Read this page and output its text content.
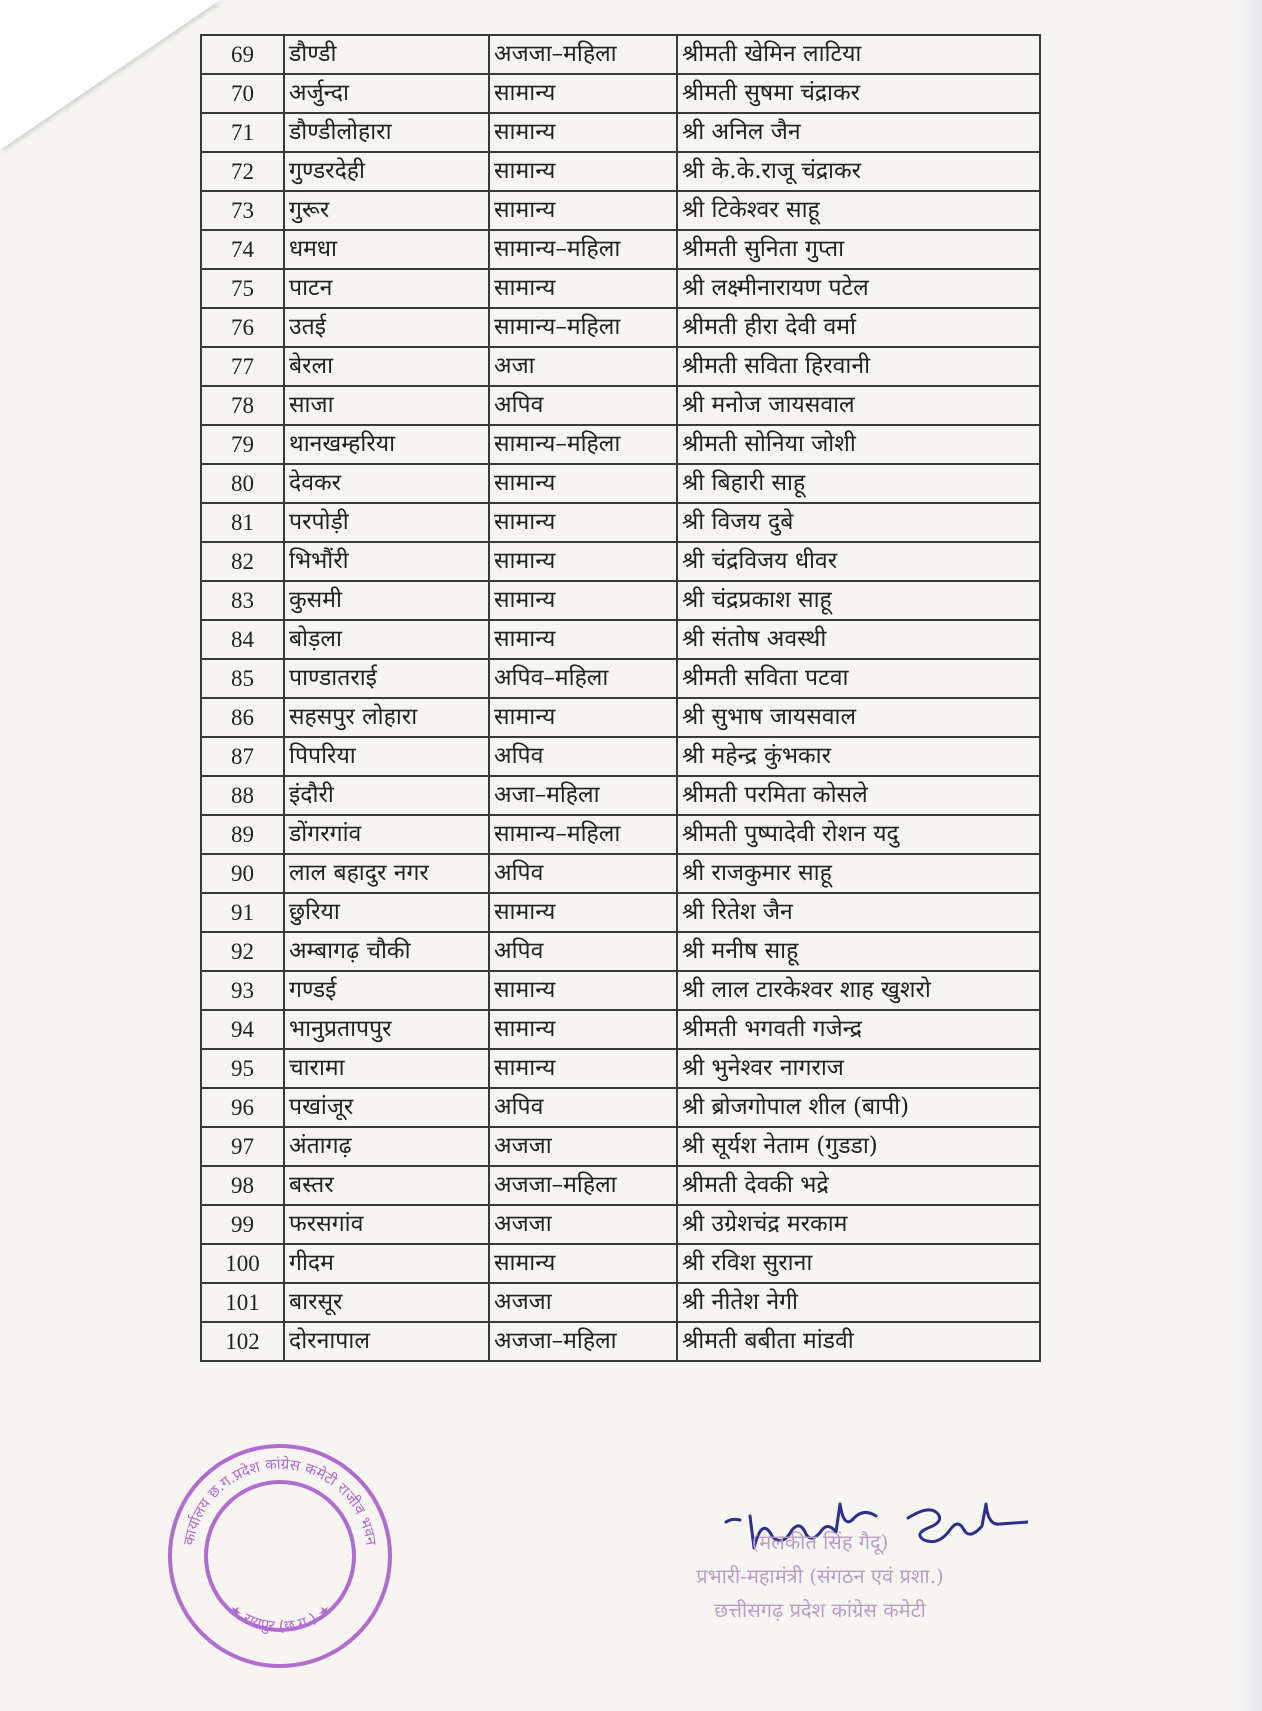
69	डौण्डी	अजजा–महिला	श्रीमती खेमिन लाटिया
70	अर्जुन्दा	सामान्य	श्रीमती सुषमा चंद्राकर
71	डौण्डीलोहारा	सामान्य	श्री अनिल जैन
72	गुण्डरदेही	सामान्य	श्री के.के.राजू चंद्राकर
73	गुरूर	सामान्य	श्री टिकेश्वर साहू
74	धमधा	सामान्य–महिला	श्रीमती सुनिता गुप्ता
75	पाटन	सामान्य	श्री लक्ष्मीनारायण पटेल
76	उतई	सामान्य–महिला	श्रीमती हीरा देवी वर्मा
77	बेरला	अजा	श्रीमती सविता हिरवानी
78	साजा	अपिव	श्री मनोज जायसवाल
79	थानखम्हरिया	सामान्य–महिला	श्रीमती सोनिया जोशी
80	देवकर	सामान्य	श्री बिहारी साहू
81	परपोड़ी	सामान्य	श्री विजय दुबे
82	भिभौंरी	सामान्य	श्री चंद्रविजय धीवर
83	कुसमी	सामान्य	श्री चंद्रप्रकाश साहू
84	बोड़ला	सामान्य	श्री संतोष अवस्थी
85	पाण्डातराई	अपिव–महिला	श्रीमती सविता पटवा
86	सहसपुर लोहारा	सामान्य	श्री सुभाष जायसवाल
87	पिपरिया	अपिव	श्री महेन्द्र कुंभकार
88	इंदौरी	अजा–महिला	श्रीमती परमिता कोसले
89	डोंगरगांव	सामान्य–महिला	श्रीमती पुष्पादेवी रोशन यदु
90	लाल बहादुर नगर	अपिव	श्री राजकुमार साहू
91	छुरिया	सामान्य	श्री रितेश जैन
92	अम्बागढ़ चौकी	अपिव	श्री मनीष साहू
93	गण्डई	सामान्य	श्री लाल टारकेश्वर शाह खुशरो
94	भानुप्रतापपुर	सामान्य	श्रीमती भगवती गजेन्द्र
95	चारामा	सामान्य	श्री भुनेश्वर नागराज
96	पखांजूर	अपिव	श्री ब्रोजगोपाल शील (बापी)
97	अंतागढ़	अजजा	श्री सूर्यश नेताम (गुडडा)
98	बस्तर	अजजा–महिला	श्रीमती देवकी भद्रे
99	फरसगांव	अजजा	श्री उग्रेशचंद्र मरकाम
100	गीदम	सामान्य	श्री रविश सुराना
101	बारसूर	अजजा	श्री नीतेश नेगी
102	दोरनापाल	अजजा–महिला	श्रीमती बबीता मांडवी
कार्यालय छ.ग.प्रदेश कांग्रेस कमेटी राजीव भवन
★ रायपुर (छ.ग.) ★
(मलकीत सिंह गैदू)
प्रभारी-महामंत्री (संगठन एवं प्रशा.)
छत्तीसगढ़ प्रदेश कांग्रेस कमेटी
